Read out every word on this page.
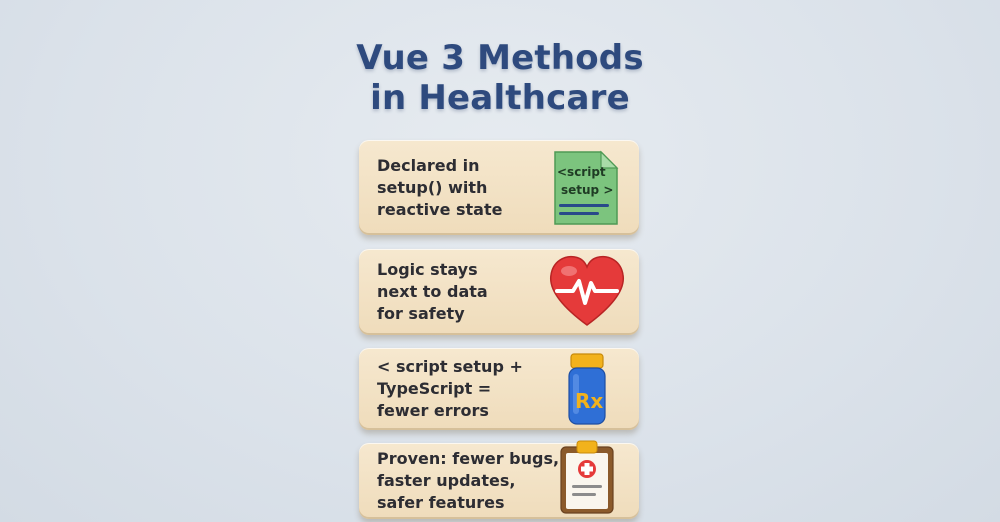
Vue 3 Methods
in Healthcare
Declared in
setup() with
reactive state
<script
setup >
Logic stays
next to data
for safety
< script setup +
TypeScript =
fewer errors	Rx
Proven: fewer bugs,
faster updates,
safer features
